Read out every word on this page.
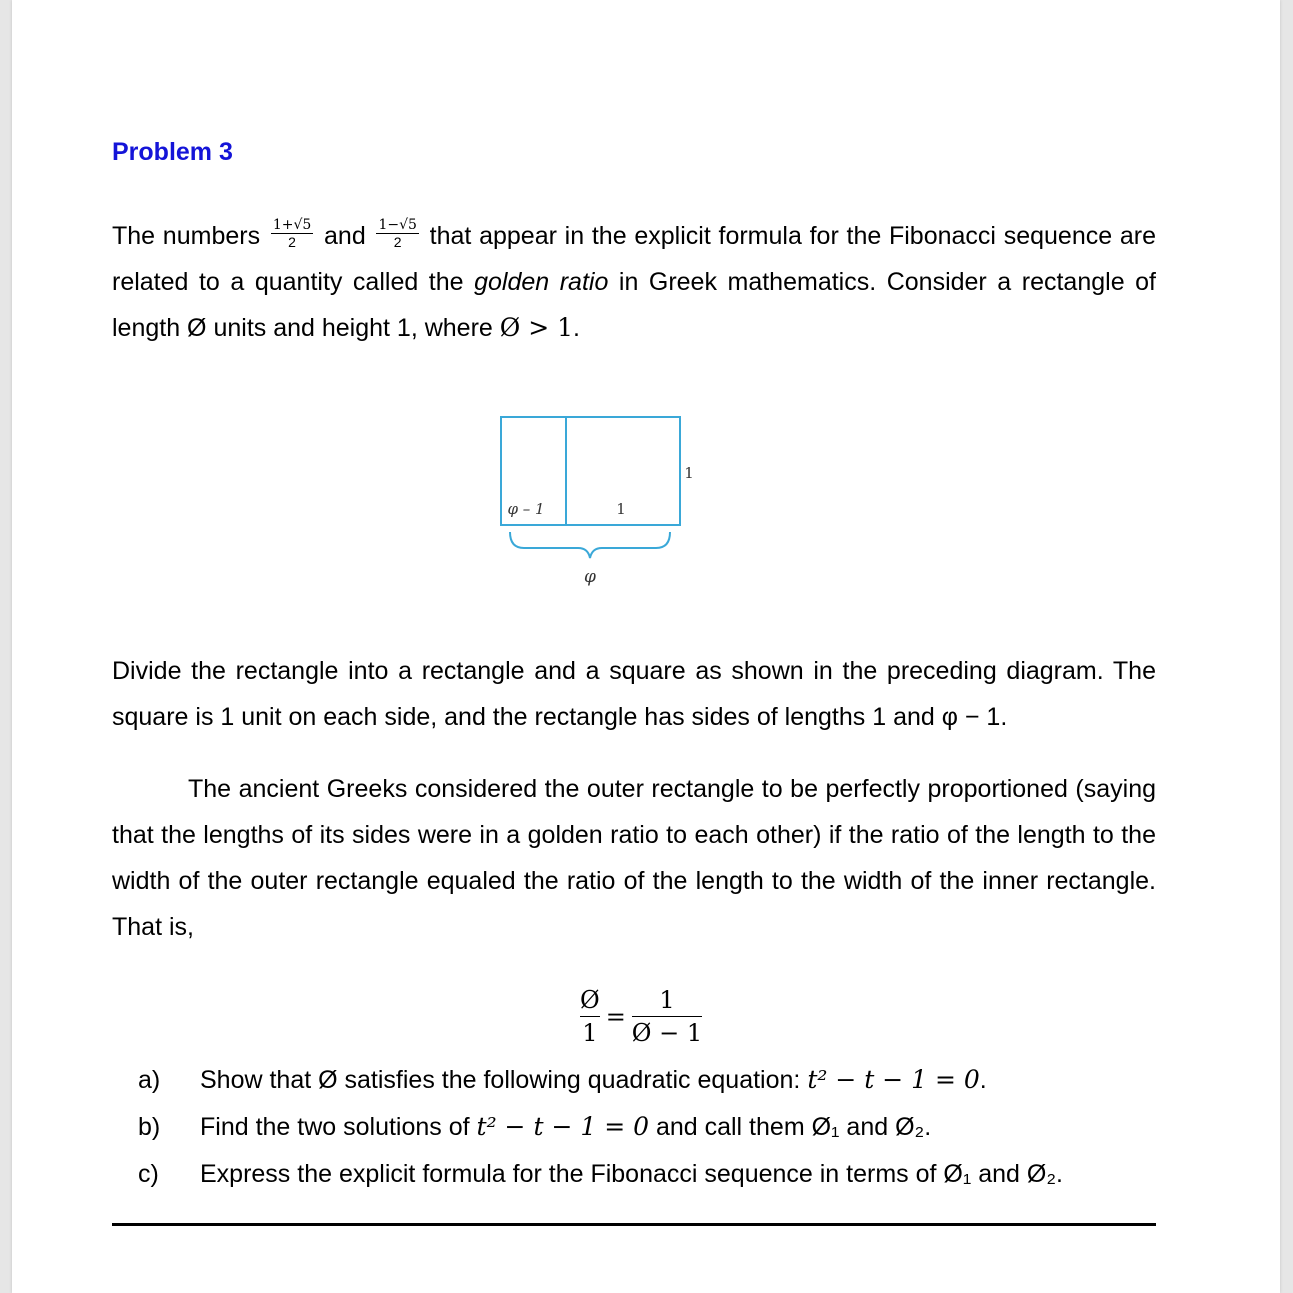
Problem 3
The numbers $\frac{1+√5}{2}$ and $\frac{1-√5}{2}$ that appear in the explicit formula for the Fibonacci sequence are related to a quantity called the golden ratio in Greek mathematics. Consider a rectangle of length Ø units and height 1, where Ø > 1.
φ – 1	1
1
φ
Divide the rectangle into a rectangle and a square as shown in the preceding diagram. The square is 1 unit on each side, and the rectangle has sides of lengths 1 and φ − 1.
The ancient Greeks considered the outer rectangle to be perfectly proportioned (saying that the lengths of its sides were in a golden ratio to each other) if the ratio of the length to the width of the outer rectangle equaled the ratio of the length to the width of the inner rectangle. That is,
$\frac{Ø}{1} = \frac{1}{Ø - 1}$
a) Show that Ø satisfies the following quadratic equation: t² − t − 1 = 0.
b) Find the two solutions of t² − t − 1 = 0 and call them Ø₁ and Ø₂.
c) Express the explicit formula for the Fibonacci sequence in terms of Ø₁ and Ø₂.
